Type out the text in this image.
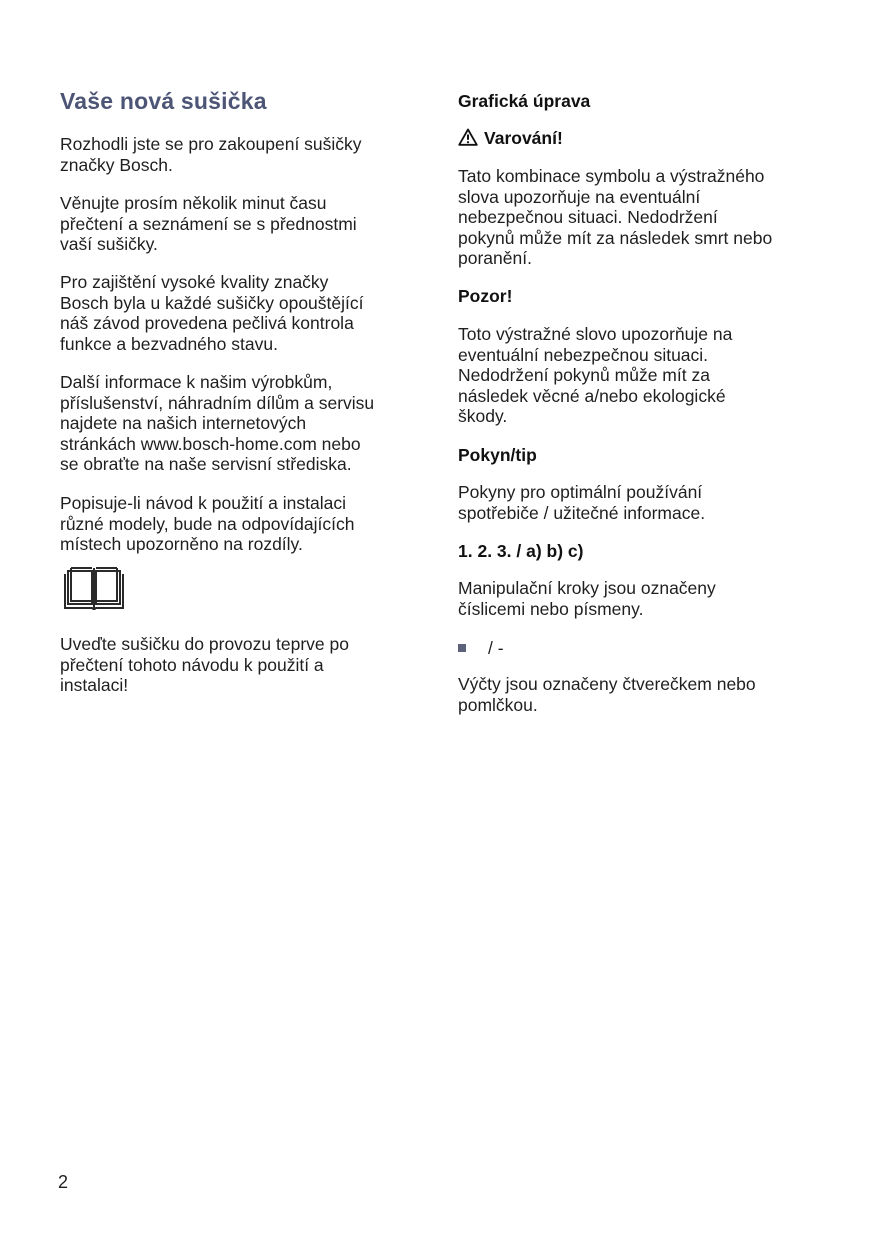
Vaše nová sušička

Rozhodli jste se pro zakoupení sušičky
značky Bosch.

Věnujte prosím několik minut času
přečtení a seznámení se s přednostmi
vaší sušičky.

Pro zajištění vysoké kvality značky
Bosch byla u každé sušičky opouštějící
náš závod provedena pečlivá kontrola
funkce a bezvadného stavu.

Další informace k našim výrobkům,
příslušenství, náhradním dílům a servisu
najdete na našich internetových
stránkách www.bosch-home.com nebo
se obraťte na naše servisní střediska.

Popisuje-li návod k použití a instalaci
různé modely, bude na odpovídajících
místech upozorněno na rozdíly.

Uveďte sušičku do provozu teprve po
přečtení tohoto návodu k použití a
instalaci!

Grafická úprava
Varování!

Tato kombinace symbolu a výstražného
slova upozorňuje na eventuální
nebezpečnou situaci. Nedodržení
pokynů může mít za následek smrt nebo
poranění.

Pozor!

Toto výstražné slovo upozorňuje na
eventuální nebezpečnou situaci.
Nedodržení pokynů může mít za
následek věcné a/nebo ekologické
škody.

Pokyn/tip

Pokyny pro optimální používání
spotřebiče / užitečné informace.

1. 2. 3. / a) b) c)

Manipulační kroky jsou označeny
číslicemi nebo písmeny.

/ -

Výčty jsou označeny čtverečkem nebo
pomlčkou.

2
